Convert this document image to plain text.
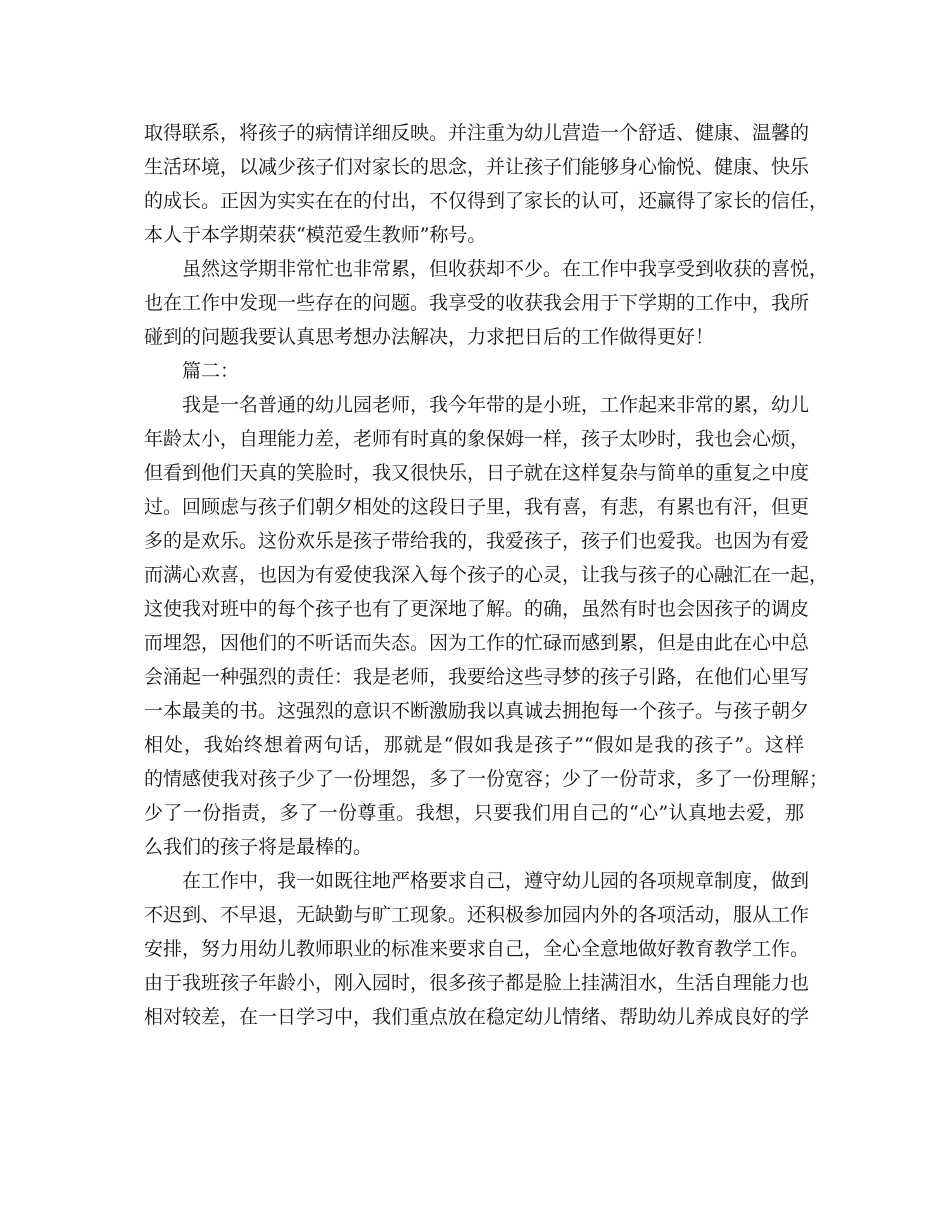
取得联系，将孩子的病情详细反映。并注重为幼儿营造一个舒适、健康、温馨的
生活环境，以减少孩子们对家长的思念，并让孩子们能够身心愉悦、健康、快乐
的成长。正因为实实在在的付出，不仅得到了家长的认可，还赢得了家长的信任，
本人于本学期荣获“模范爱生教师”称号。
虽然这学期非常忙也非常累，但收获却不少。在工作中我享受到收获的喜悦，
也在工作中发现一些存在的问题。我享受的收获我会用于下学期的工作中，我所
碰到的问题我要认真思考想办法解决，力求把日后的工作做得更好！
篇二：
我是一名普通的幼儿园老师，我今年带的是小班，工作起来非常的累，幼儿
年龄太小，自理能力差，老师有时真的象保姆一样，孩子太吵时，我也会心烦，
但看到他们天真的笑脸时，我又很快乐，日子就在这样复杂与简单的重复之中度
过。回顾虑与孩子们朝夕相处的这段日子里，我有喜，有悲，有累也有汗，但更
多的是欢乐。这份欢乐是孩子带给我的，我爱孩子，孩子们也爱我。也因为有爱
而满心欢喜，也因为有爱使我深入每个孩子的心灵，让我与孩子的心融汇在一起，
这使我对班中的每个孩子也有了更深地了解。的确，虽然有时也会因孩子的调皮
而埋怨，因他们的不听话而失态。因为工作的忙碌而感到累，但是由此在心中总
会涌起一种强烈的责任：我是老师，我要给这些寻梦的孩子引路，在他们心里写
一本最美的书。这强烈的意识不断激励我以真诚去拥抱每一个孩子。与孩子朝夕
相处，我始终想着两句话，那就是“假如我是孩子”“假如是我的孩子”。这样
的情感使我对孩子少了一份埋怨，多了一份宽容；少了一份苛求，多了一份理解；
少了一份指责，多了一份尊重。我想，只要我们用自己的“心”认真地去爱，那
么我们的孩子将是最棒的。
在工作中，我一如既往地严格要求自己，遵守幼儿园的各项规章制度，做到
不迟到、不早退，无缺勤与旷工现象。还积极参加园内外的各项活动，服从工作
安排，努力用幼儿教师职业的标准来要求自己，全心全意地做好教育教学工作。
由于我班孩子年龄小，刚入园时，很多孩子都是脸上挂满泪水，生活自理能力也
相对较差，在一日学习中，我们重点放在稳定幼儿情绪、帮助幼儿养成良好的学
